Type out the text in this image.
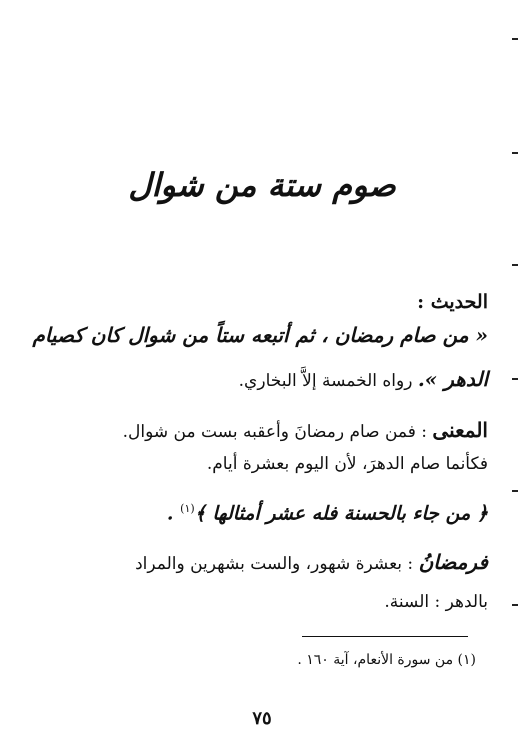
صوم ستة من شوال
الحديث :
« من صام رمضان ، ثم أتبعه ستاً من شوال كان كصيام
الدهر ». رواه الخمسة إلاَّ البخاري.
المعنى : فمن صام رمضانَ وأعقبه بست من شوال.
فكأنما صام الدهرَ، لأن اليوم بعشرة أيام.
﴿ من جاء بالحسنة فله عشر أمثالها ﴾$^{(١)}$ .
فرمضانُ : بعشرة شهور، والست بشهرين والمراد
بالدهر : السنة.
(١) من سورة الأنعام، آية ١٦٠ .
٧٥
